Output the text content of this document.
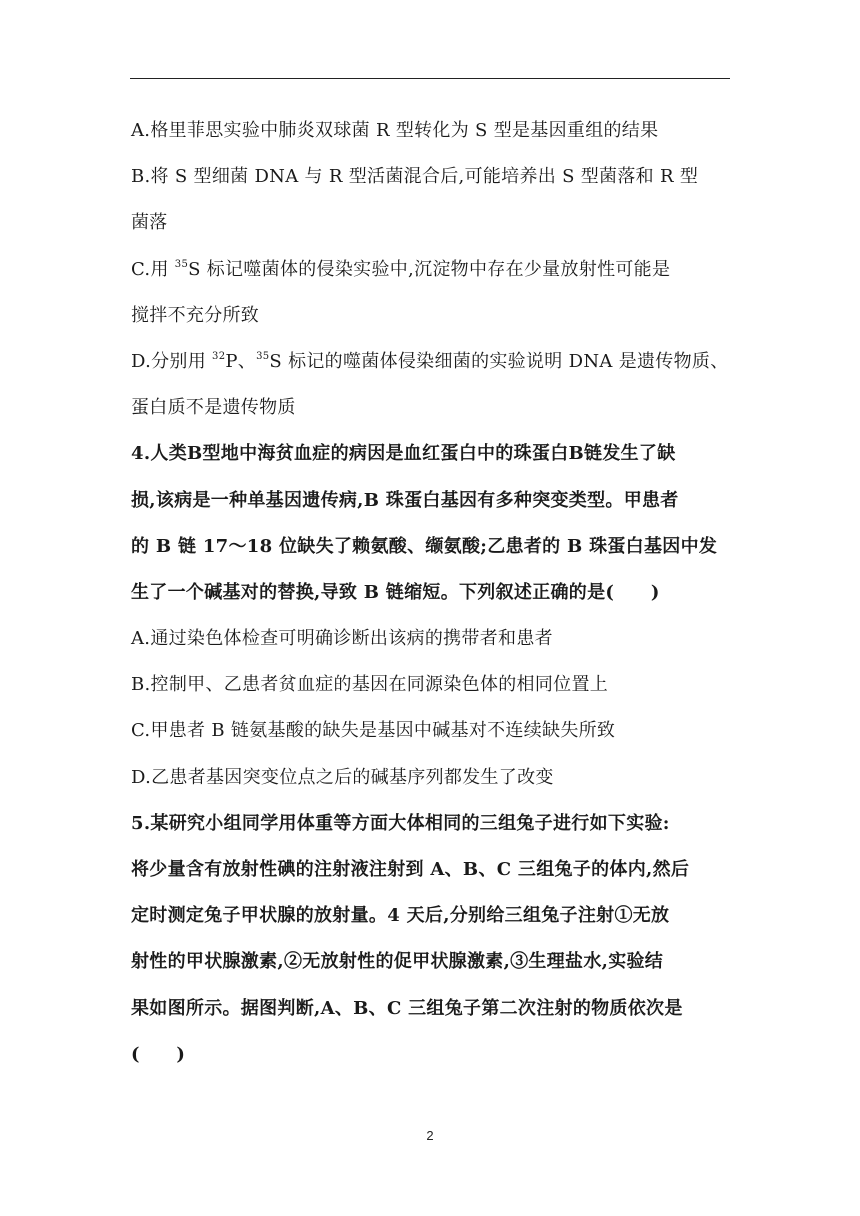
A.格里菲思实验中肺炎双球菌 R 型转化为 S 型是基因重组的结果
B.将 S 型细菌 DNA 与 R 型活菌混合后,可能培养出 S 型菌落和 R 型
菌落
C.用 $^{35}$S 标记噬菌体的侵染实验中,沉淀物中存在少量放射性可能是
搅拌不充分所致
D.分别用 $^{32}$P、$^{35}$S 标记的噬菌体侵染细菌的实验说明 DNA 是遗传物质、
蛋白质不是遗传物质
4.人类Β型地中海贫血症的病因是血红蛋白中的珠蛋白Β链发生了缺
损,该病是一种单基因遗传病,Β 珠蛋白基因有多种突变类型。甲患者
的 Β 链 17～18 位缺失了赖氨酸、缬氨酸;乙患者的 Β 珠蛋白基因中发
生了一个碱基对的替换,导致 Β 链缩短。下列叙述正确的是(　　)
A.通过染色体检查可明确诊断出该病的携带者和患者
B.控制甲、乙患者贫血症的基因在同源染色体的相同位置上
C.甲患者 Β 链氨基酸的缺失是基因中碱基对不连续缺失所致
D.乙患者基因突变位点之后的碱基序列都发生了改变
5.某研究小组同学用体重等方面大体相同的三组兔子进行如下实验:
将少量含有放射性碘的注射液注射到 A、B、C 三组兔子的体内,然后
定时测定兔子甲状腺的放射量。4 天后,分别给三组兔子注射①无放
射性的甲状腺激素,②无放射性的促甲状腺激素,③生理盐水,实验结
果如图所示。据图判断,A、B、C 三组兔子第二次注射的物质依次是
(　　)
2
